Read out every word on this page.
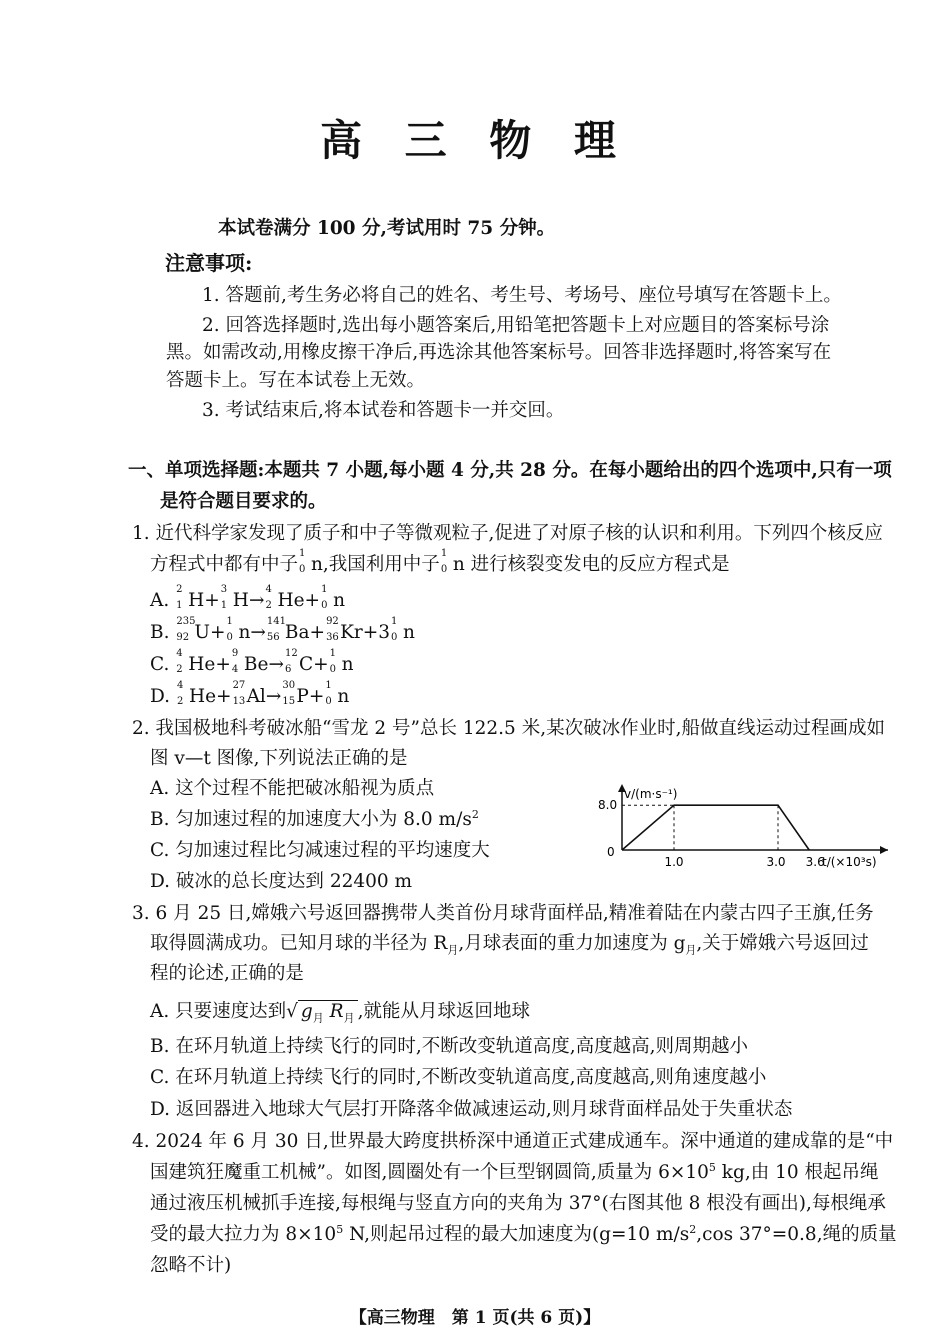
高 三 物 理
本试卷满分 100 分,考试用时 75 分钟。
注意事项:
1. 答题前,考生务必将自己的姓名、考生号、考场号、座位号填写在答题卡上。
2. 回答选择题时,选出每小题答案后,用铅笔把答题卡上对应题目的答案标号涂
黑。如需改动,用橡皮擦干净后,再选涂其他答案标号。回答非选择题时,将答案写在
答题卡上。写在本试卷上无效。
3. 考试结束后,将本试卷和答题卡一并交回。
一、单项选择题:本题共 7 小题,每小题 4 分,共 28 分。在每小题给出的四个选项中,只有一项
是符合题目要求的。
1. 近代科学家发现了质子和中子等微观粒子,促进了对原子核的认识和利用。下列四个核反应
方程式中都有中子
1
0 n,我国利用中子
1
0 n 进行核裂变发电的反应方程式是
A.
2
1 H+
3
1 H→
4
2 He+
1
0 n
B.
235
92 U+
1
0 n→
141
56 Ba+
92
36 Kr+3
1
0 n
C.
4
2 He+
9
4 Be→
12
6 C+
1
0 n
D.
4
2 He+
27
13 Al→
30
15 P+
1
0 n
2. 我国极地科考破冰船“雪龙 2 号”总长 122.5 米,某次破冰作业时,船做直线运动过程画成如
图 v—t 图像,下列说法正确的是
A. 这个过程不能把破冰船视为质点
B. 匀加速过程的加速度大小为 8.0 $m/s^2$
C. 匀加速过程比匀减速过程的平均速度大
D. 破冰的总长度达到 22400 m
v/(m·s⁻¹)
8.0
0
1.0	3.0 3.6
t/(×10³s)
3. 6 月 25 日,嫦娥六号返回器携带人类首份月球背面样品,精准着陆在内蒙古四子王旗,任务
取得圆满成功。已知月球的半径为 $R_月$,月球表面的重力加速度为 $g_月$,关于嫦娥六号返回过
程的论述,正确的是
A. 只要速度达到√ $g_月$ $R_月$ ,就能从月球返回地球
B. 在环月轨道上持续飞行的同时,不断改变轨道高度,高度越高,则周期越小
C. 在环月轨道上持续飞行的同时,不断改变轨道高度,高度越高,则角速度越小
D. 返回器进入地球大气层打开降落伞做减速运动,则月球背面样品处于失重状态
4. 2024 年 6 月 30 日,世界最大跨度拱桥深中通道正式建成通车。深中通道的建成靠的是“中
国建筑狂魔重工机械”。如图,圆圈处有一个巨型钢圆筒,质量为 $6\times 10^5$ kg,由 10 根起吊绳
通过液压机械抓手连接,每根绳与竖直方向的夹角为 37°(右图其他 8 根没有画出),每根绳承
受的最大拉力为 $8\times 10^5$ N,则起吊过程的最大加速度为(g=10 $m/s^2,\cos$ 37°=0.8,绳的质量
忽略不计)
【高三物理　第 1 页(共 6 页)】
